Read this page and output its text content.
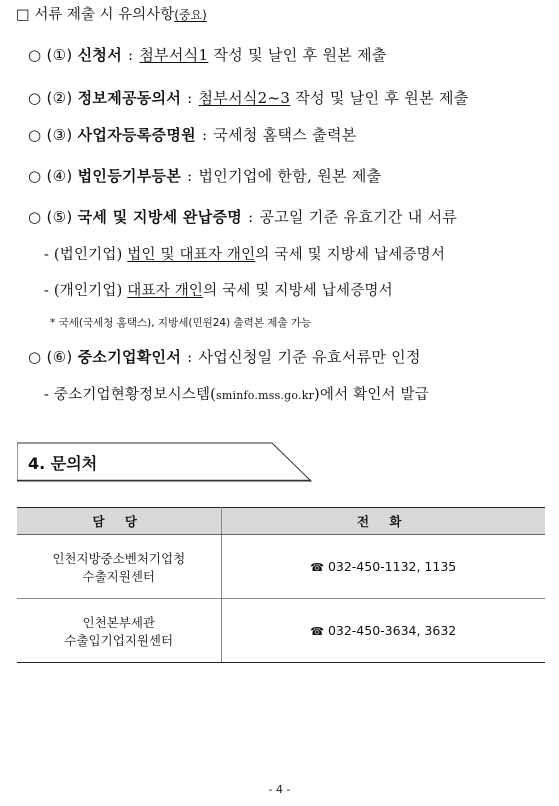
□ 서류 제출 시 유의사항(중요)
○ (①) 신청서 : 첨부서식1 작성 및 날인 후 원본 제출
○ (②) 정보제공동의서 : 첨부서식2~3 작성 및 날인 후 원본 제출
○ (③) 사업자등록증명원 : 국세청 홈택스 출력본
○ (④) 법인등기부등본 : 법인기업에 한함, 원본 제출
○ (⑤) 국세 및 지방세 완납증명 : 공고일 기준 유효기간 내 서류
- (법인기업) 법인 및 대표자 개인의 국세 및 지방세 납세증명서
- (개인기업) 대표자 개인의 국세 및 지방세 납세증명서
* 국세(국세청 홈택스), 지방세(민원24) 출력본 제출 가능
○ (⑥) 중소기업확인서 : 사업신청일 기준 유효서류만 인정
- 중소기업현황정보시스템(sminfo.mss.go.kr)에서 확인서 발급
4. 문의처
담 당	전 화

인천지방중소벤처기업청
수출지원센터	☎ 032-450-1132, 1135

인천본부세관
수출입기업지원센터	☎ 032-450-3634, 3632
- 4 -
